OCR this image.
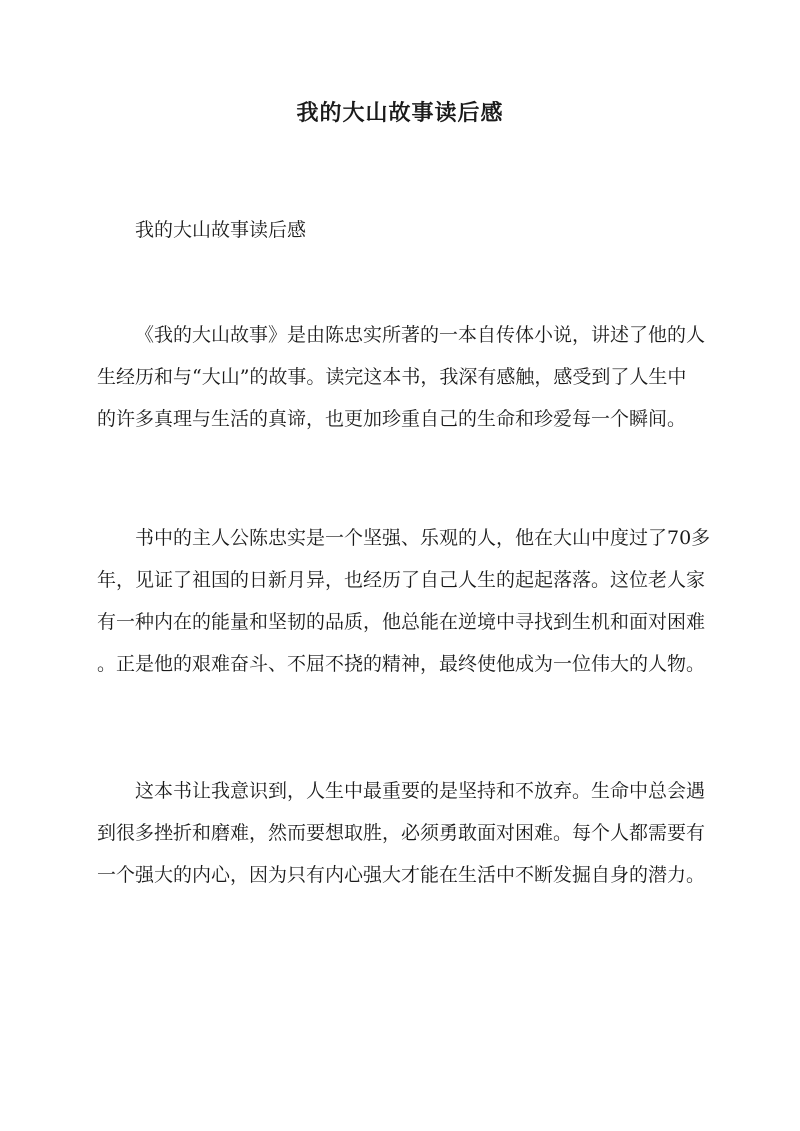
我的大山故事读后感

我的大山故事读后感

《我的大山故事》是由陈忠实所著的一本自传体小说，讲述了他的人
生经历和与“大山”的故事。读完这本书，我深有感触，感受到了人生中
的许多真理与生活的真谛，也更加珍重自己的生命和珍爱每一个瞬间。
书中的主人公陈忠实是一个坚强、乐观的人，他在大山中度过了70多
年，见证了祖国的日新月异，也经历了自己人生的起起落落。这位老人家
有一种内在的能量和坚韧的品质，他总能在逆境中寻找到生机和面对困难
。正是他的艰难奋斗、不屈不挠的精神，最终使他成为一位伟大的人物。
这本书让我意识到，人生中最重要的是坚持和不放弃。生命中总会遇
到很多挫折和磨难，然而要想取胜，必须勇敢面对困难。每个人都需要有
一个强大的内心，因为只有内心强大才能在生活中不断发掘自身的潜力。
